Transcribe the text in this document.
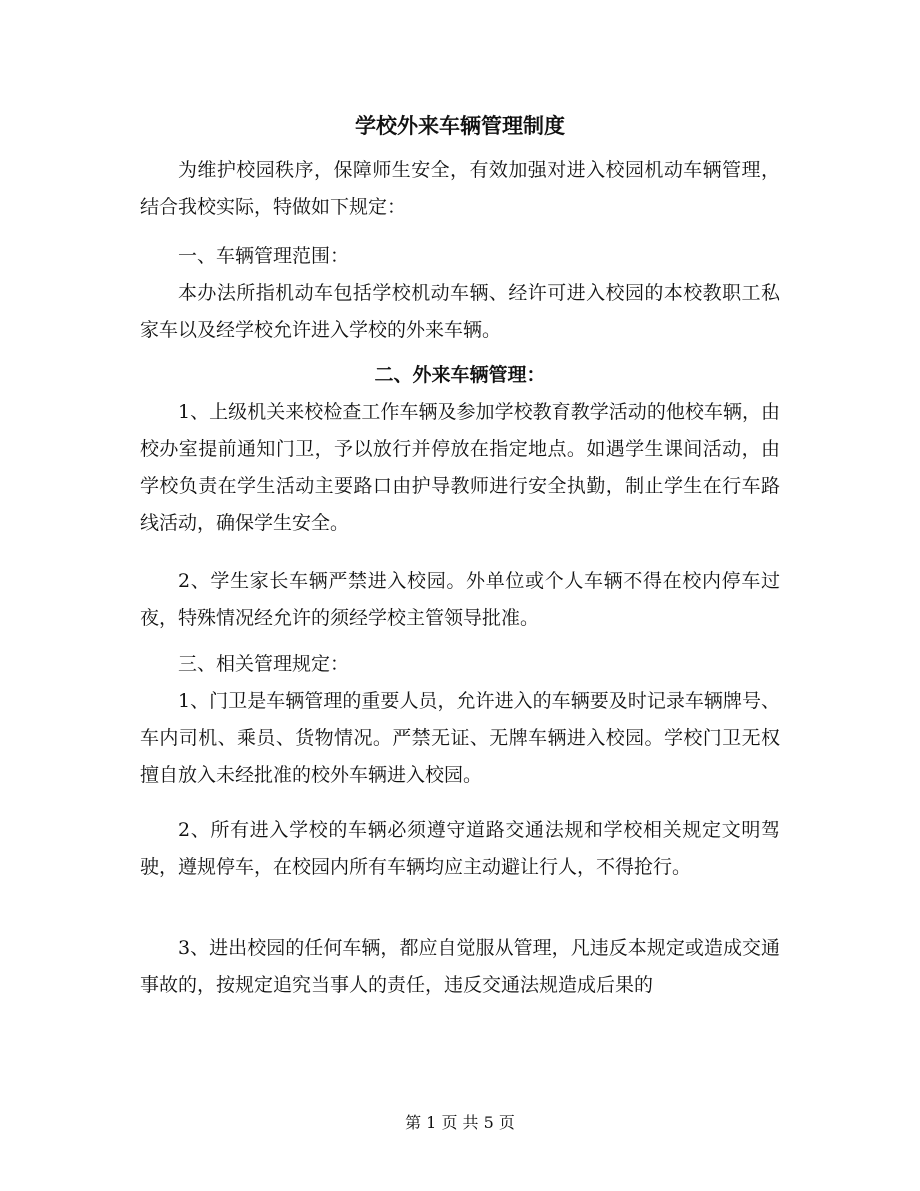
学校外来车辆管理制度

为维护校园秩序，保障师生安全，有效加强对进入校园机动车辆管理，结合我校实际，特做如下规定：

一、车辆管理范围：

本办法所指机动车包括学校机动车辆、经许可进入校园的本校教职工私家车以及经学校允许进入学校的外来车辆。

二、外来车辆管理：

1、上级机关来校检查工作车辆及参加学校教育教学活动的他校车辆，由校办室提前通知门卫，予以放行并停放在指定地点。如遇学生课间活动，由学校负责在学生活动主要路口由护导教师进行安全执勤，制止学生在行车路线活动，确保学生安全。

2、学生家长车辆严禁进入校园。外单位或个人车辆不得在校内停车过夜，特殊情况经允许的须经学校主管领导批准。

三、相关管理规定：

1、门卫是车辆管理的重要人员，允许进入的车辆要及时记录车辆牌号、车内司机、乘员、货物情况。严禁无证、无牌车辆进入校园。学校门卫无权擅自放入未经批准的校外车辆进入校园。

2、所有进入学校的车辆必须遵守道路交通法规和学校相关规定文明驾驶，遵规停车，在校园内所有车辆均应主动避让行人，不得抢行。

3、进出校园的任何车辆，都应自觉服从管理，凡违反本规定或造成交通事故的，按规定追究当事人的责任，违反交通法规造成后果的

第 1 页 共 5 页
